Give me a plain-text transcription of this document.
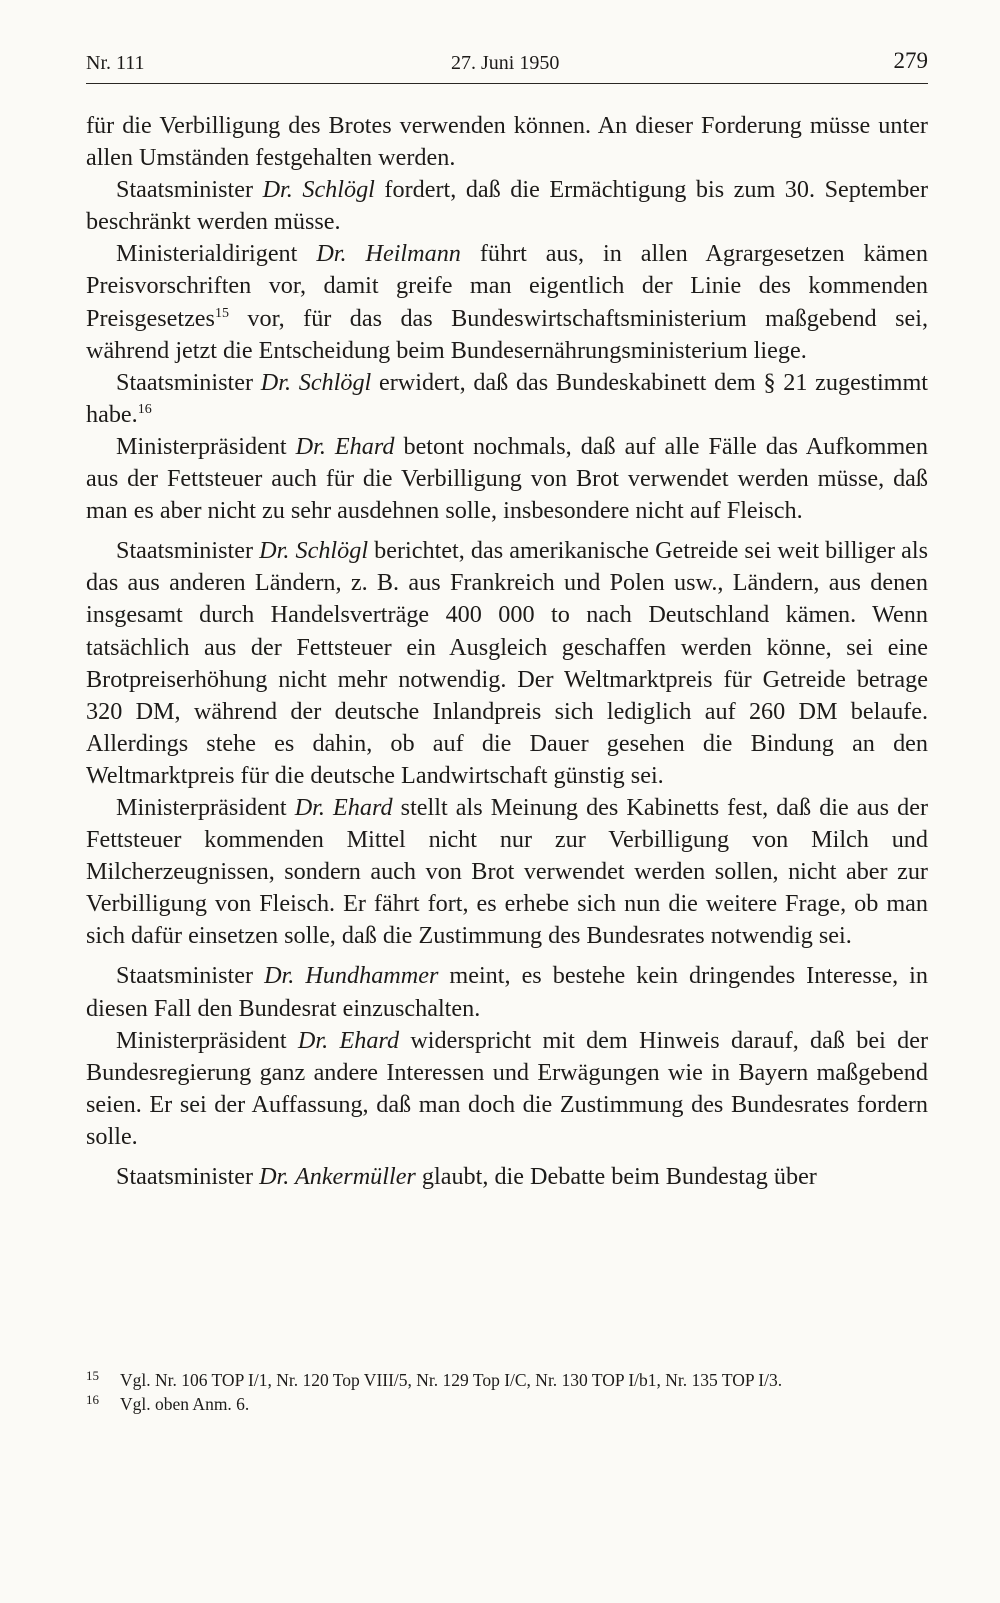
Nr. 111	27. Juni 1950	279

für die Verbilligung des Brotes verwenden können. An dieser Forderung müsse unter allen Umständen festgehalten werden.

Staatsminister Dr. Schlögl fordert, daß die Ermächtigung bis zum 30. September beschränkt werden müsse.

Ministerialdirigent Dr. Heilmann führt aus, in allen Agrargesetzen kämen Preisvorschriften vor, damit greife man eigentlich der Linie des kommenden Preisgesetzes$^{15}$ vor, für das das Bundeswirtschaftsministerium maßgebend sei, während jetzt die Entscheidung beim Bundesernährungsministerium liege.

Staatsminister Dr. Schlögl erwidert, daß das Bundeskabinett dem § 21 zugestimmt habe.$^{16}$

Ministerpräsident Dr. Ehard betont nochmals, daß auf alle Fälle das Aufkommen aus der Fettsteuer auch für die Verbilligung von Brot verwendet werden müsse, daß man es aber nicht zu sehr ausdehnen solle, insbesondere nicht auf Fleisch.

Staatsminister Dr. Schlögl berichtet, das amerikanische Getreide sei weit billiger als das aus anderen Ländern, z. B. aus Frankreich und Polen usw., Ländern, aus denen insgesamt durch Handelsverträge 400 000 to nach Deutschland kämen. Wenn tatsächlich aus der Fettsteuer ein Ausgleich geschaffen werden könne, sei eine Brotpreiserhöhung nicht mehr notwendig. Der Weltmarktpreis für Getreide betrage 320 DM, während der deutsche Inlandpreis sich lediglich auf 260 DM belaufe. Allerdings stehe es dahin, ob auf die Dauer gesehen die Bindung an den Weltmarktpreis für die deutsche Landwirtschaft günstig sei.

Ministerpräsident Dr. Ehard stellt als Meinung des Kabinetts fest, daß die aus der Fettsteuer kommenden Mittel nicht nur zur Verbilligung von Milch und Milcherzeugnissen, sondern auch von Brot verwendet werden sollen, nicht aber zur Verbilligung von Fleisch. Er fährt fort, es erhebe sich nun die weitere Frage, ob man sich dafür einsetzen solle, daß die Zustimmung des Bundesrates notwendig sei.

Staatsminister Dr. Hundhammer meint, es bestehe kein dringendes Interesse, in diesen Fall den Bundesrat einzuschalten.

Ministerpräsident Dr. Ehard widerspricht mit dem Hinweis darauf, daß bei der Bundesregierung ganz andere Interessen und Erwägungen wie in Bayern maßgebend seien. Er sei der Auffassung, daß man doch die Zustimmung des Bundesrates fordern solle.

Staatsminister Dr. Ankermüller glaubt, die Debatte beim Bundestag über

15 Vgl. Nr. 106 TOP I/1, Nr. 120 Top VIII/5, Nr. 129 Top I/C, Nr. 130 TOP I/b1, Nr. 135 TOP I/3.
16 Vgl. oben Anm. 6.
